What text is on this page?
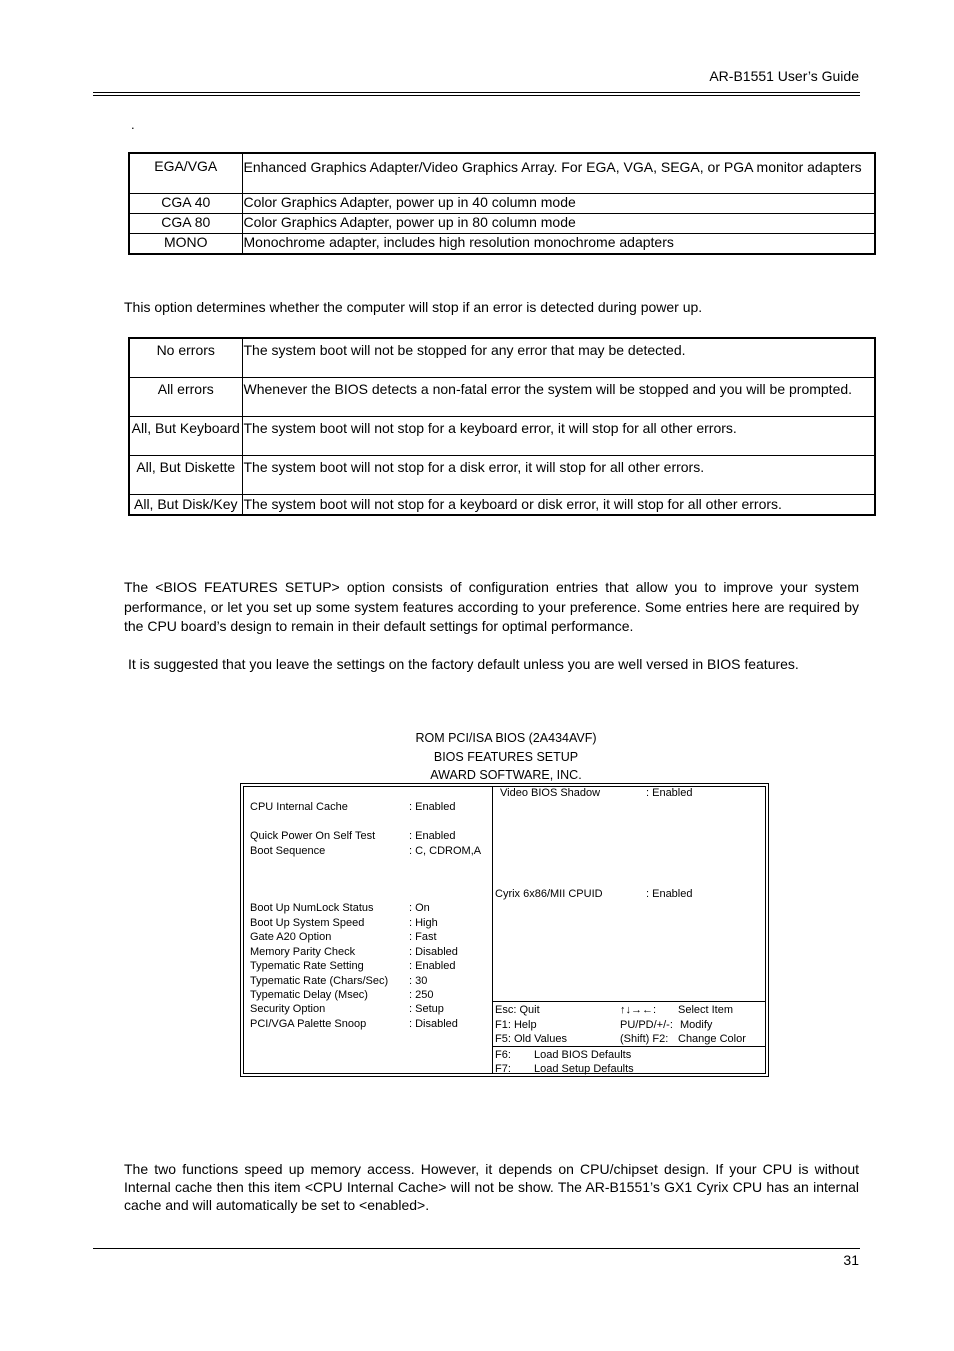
AR-B1551 User’s Guide
.
EGA/VGA	Enhanced Graphics Adapter/Video Graphics Array. For EGA, VGA, SEGA, or PGA monitor adapters
CGA 40	Color Graphics Adapter, power up in 40 column mode
CGA 80	Color Graphics Adapter, power up in 80 column mode
MONO	Monochrome adapter, includes high resolution monochrome adapters
This option determines whether the computer will stop if an error is detected during power up.
No errors	The system boot will not be stopped for any error that may be detected.
All errors	Whenever the BIOS detects a non-fatal error the system will be stopped and you will be prompted.
All, But Keyboard	The system boot will not stop for a keyboard error, it will stop for all other errors.
All, But Diskette	The system boot will not stop for a disk error, it will stop for all other errors.
All, But Disk/Key	The system boot will not stop for a keyboard or disk error, it will stop for all other errors.
The <BIOS FEATURES SETUP> option consists of configuration entries that allow you to improve your system performance, or let you set up some system features according to your preference. Some entries here are required by the CPU board’s design to remain in their default settings for optimal performance.
It is suggested that you leave the settings on the factory default unless you are well versed in BIOS features.
ROM PCI/ISA BIOS (2A434AVF)
BIOS FEATURES SETUP
AWARD SOFTWARE, INC.
CPU Internal Cache	: Enabled
Quick Power On Self Test	: Enabled
Boot Sequence	: C, CDROM,A
Boot Up NumLock Status	: On
Boot Up System Speed	: High
Gate A20 Option	: Fast
Memory Parity Check	: Disabled
Typematic Rate Setting	: Enabled
Typematic Rate (Chars/Sec) : 30
Typematic Delay (Msec)	: 250
Security Option	: Setup
PCI/VGA Palette Snoop	: Disabled
Video BIOS Shadow	: Enabled
Cyrix 6x86/MII CPUID	: Enabled
Esc: Quit	↑↓→←: Select Item
F1: Help	PU/PD/+/-: Modify
F5: Old Values	(Shift) F2: Change Color
F6: Load BIOS Defaults
F7: Load Setup Defaults
The two functions speed up memory access. However, it depends on CPU/chipset design. If your CPU is without Internal cache then this item <CPU Internal Cache> will not be show. The AR-B1551’s GX1 Cyrix CPU has an internal cache and will automatically be set to <enabled>.
31
